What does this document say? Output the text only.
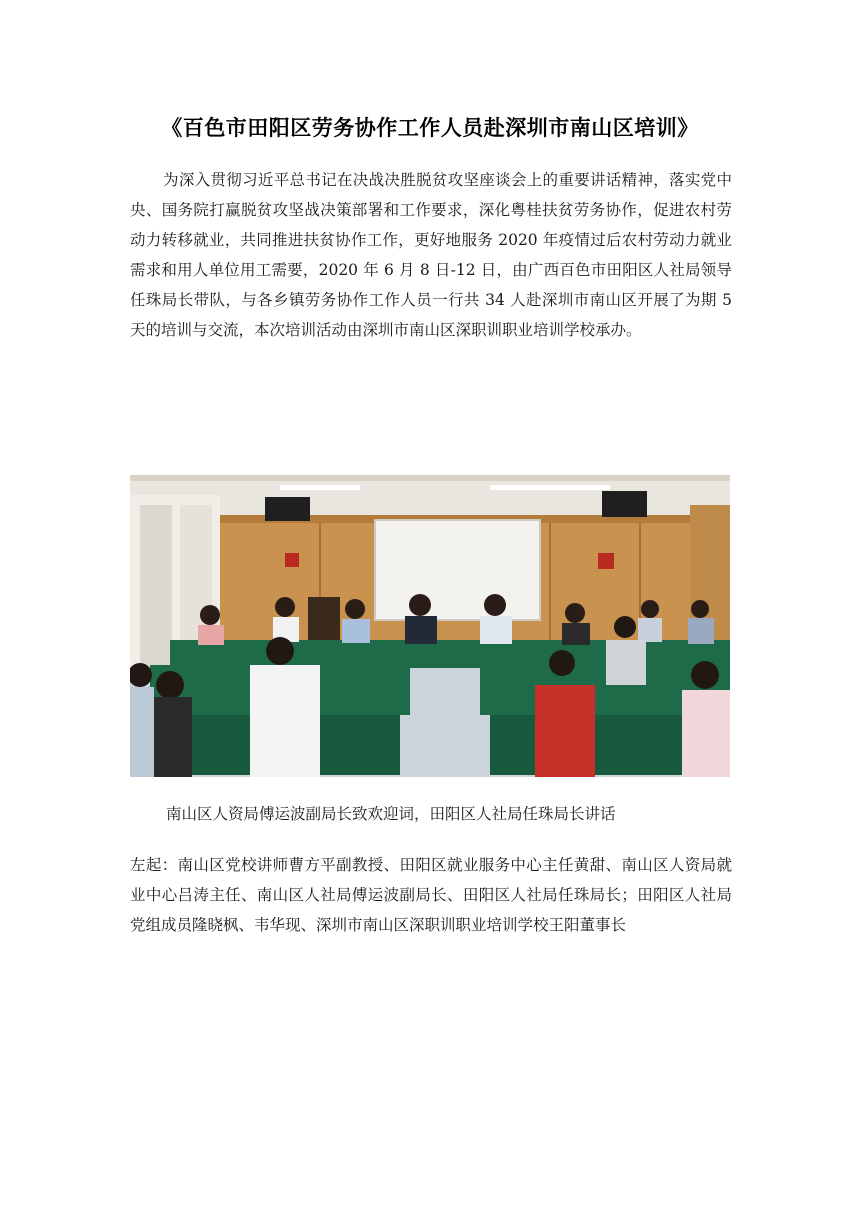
《百色市田阳区劳务协作工作人员赴深圳市南山区培训》

为深入贯彻习近平总书记在决战决胜脱贫攻坚座谈会上的重要讲话精神，落实党中央、国务院打赢脱贫攻坚战决策部署和工作要求，深化粤桂扶贫劳务协作，促进农村劳动力转移就业，共同推进扶贫协作工作，更好地服务 2020 年疫情过后农村劳动力就业需求和用人单位用工需要，2020 年 6 月 8 日-12 日，由广西百色市田阳区人社局领导任珠局长带队，与各乡镇劳务协作工作人员一行共 34 人赴深圳市南山区开展了为期 5 天的培训与交流，本次培训活动由深圳市南山区深职训职业培训学校承办。

南山区人资局傅运波副局长致欢迎词，田阳区人社局任珠局长讲话

左起：南山区党校讲师曹方平副教授、田阳区就业服务中心主任黄甜、南山区人资局就业中心吕涛主任、南山区人社局傅运波副局长、田阳区人社局任珠局长；田阳区人社局党组成员隆晓枫、韦华现、深圳市南山区深职训职业培训学校王阳董事长
